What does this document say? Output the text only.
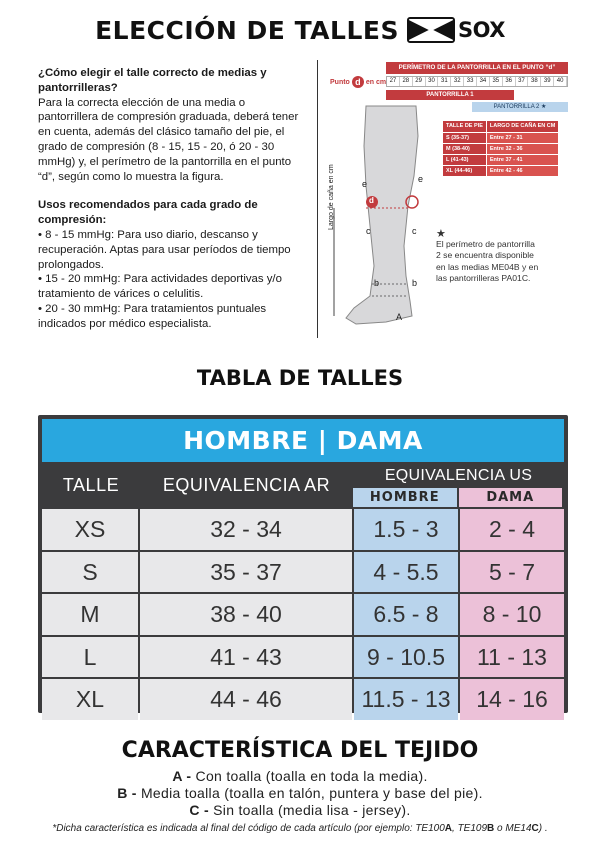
ELECCIÓN DE TALLES	SOX

¿Cómo elegir el talle correcto de medias y pantorrilleras?

Para la correcta elección de una media o pantorrillera de compresión graduada, deberá tener en cuenta, además del clásico tamaño del pie, el grado de compresión (8 - 15, 15 - 20, ó 20 - 30 mmHg) y, el perímetro de la pantorrilla en el punto “d”, según como lo muestra la figura.

Usos recomendados para cada grado de compresión:

• 8 - 15 mmHg: Para uso diario, descanso y recuperación. Aptas para usar períodos de tiempo prolongados.

• 15 - 20 mmHg: Para actividades deportivas y/o tratamiento de várices o celulitis.

• 20 - 30 mmHg: Para tratamientos puntuales indicados por médico especialista.

PERÍMETRO DE LA PANTORRILLA EN EL PUNTO “d”
Punto d en cm 27	28	29	30	31	32	33	34	35	36	37	38	39	40
PANTORRILLA 1
PANTORRILLA 2 ★
Largo de caña en cm	e	e
d
c	c
b	b
A
TALLE DE PIE	LARGO DE CAÑA EN CM
S (35-37)	Entre 27 - 31
M (38-40)	Entre 32 - 36
L (41-43)	Entre 37 - 41
XL (44-46)	Entre 42 - 46
★
El perímetro de pantorrilla 2 se encuentra disponible en las medias ME04B y en las pantorrilleras PA01C.
TABLA DE TALLES
HOMBRE | DAMA
TALLE	EQUIVALENCIA AR	EQUIVALENCIA US
HOMBRE	DAMA
XS	32 - 34	1.5 - 3	2 - 4
S	35 - 37	4 - 5.5	5 - 7
M	38 - 40	6.5 - 8	8 - 10
L	41 - 43	9 - 10.5	11 - 13
XL	44 - 46	11.5 - 13	14 - 16
CARACTERÍSTICA DEL TEJIDO
A - Con toalla (toalla en toda la media).
B - Media toalla (toalla en talón, puntera y base del pie).
C - Sin toalla (media lisa - jersey).
*Dicha característica es indicada al final del código de cada artículo (por ejemplo: TE100A, TE109B o ME14C) .
